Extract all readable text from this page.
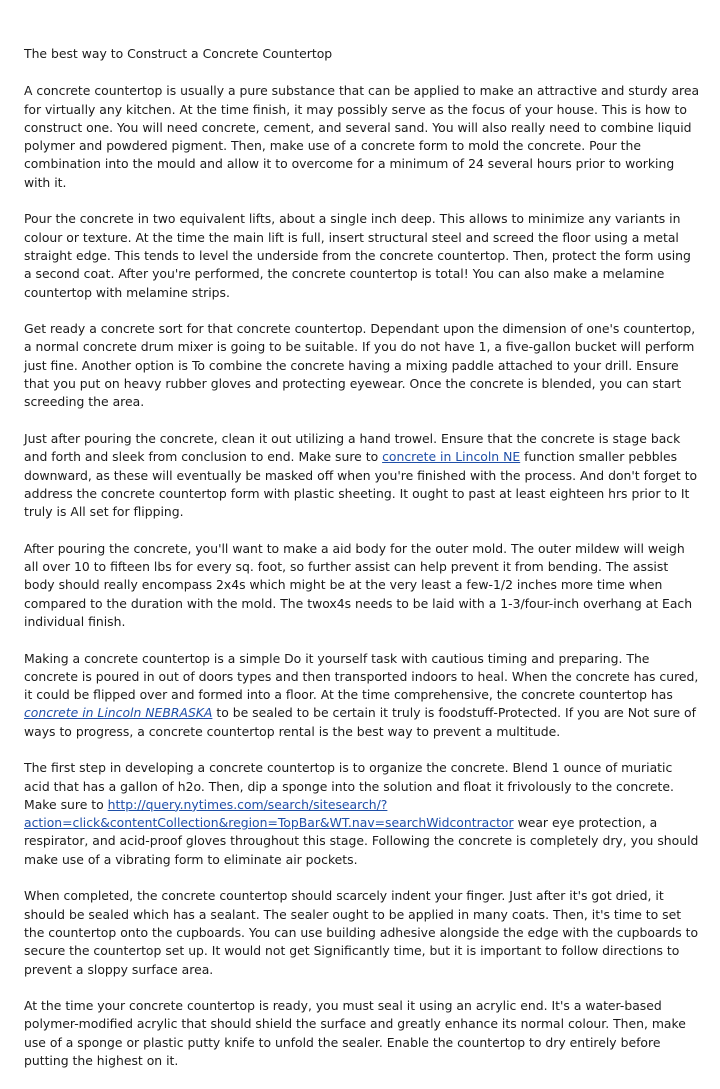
The best way to Construct a Concrete Countertop

A concrete countertop is usually a pure substance that can be applied to make an attractive and sturdy area for virtually any kitchen. At the time finish, it may possibly serve as the focus of your house. This is how to construct one. You will need concrete, cement, and several sand. You will also really need to combine liquid polymer and powdered pigment. Then, make use of a concrete form to mold the concrete. Pour the combination into the mould and allow it to overcome for a minimum of 24 several hours prior to working with it.

Pour the concrete in two equivalent lifts, about a single inch deep. This allows to minimize any variants in colour or texture. At the time the main lift is full, insert structural steel and screed the floor using a metal straight edge. This tends to level the underside from the concrete countertop. Then, protect the form using a second coat. After you're performed, the concrete countertop is total! You can also make a melamine countertop with melamine strips.

Get ready a concrete sort for that concrete countertop. Dependant upon the dimension of one's countertop, a normal concrete drum mixer is going to be suitable. If you do not have 1, a five-gallon bucket will perform just fine. Another option is To combine the concrete having a mixing paddle attached to your drill. Ensure that you put on heavy rubber gloves and protecting eyewear. Once the concrete is blended, you can start screeding the area.

Just after pouring the concrete, clean it out utilizing a hand trowel. Ensure that the concrete is stage back and forth and sleek from conclusion to end. Make sure to concrete in Lincoln NE function smaller pebbles downward, as these will eventually be masked off when you're finished with the process. And don't forget to address the concrete countertop form with plastic sheeting. It ought to past at least eighteen hrs prior to It truly is All set for flipping.

After pouring the concrete, you'll want to make a aid body for the outer mold. The outer mildew will weigh all over 10 to fifteen lbs for every sq. foot, so further assist can help prevent it from bending. The assist body should really encompass 2x4s which might be at the very least a few-1/2 inches more time when compared to the duration with the mold. The twox4s needs to be laid with a 1-3/four-inch overhang at Each individual finish.

Making a concrete countertop is a simple Do it yourself task with cautious timing and preparing. The concrete is poured in out of doors types and then transported indoors to heal. When the concrete has cured, it could be flipped over and formed into a floor. At the time comprehensive, the concrete countertop has concrete in Lincoln NEBRASKA to be sealed to be certain it truly is foodstuff-Protected. If you are Not sure of ways to progress, a concrete countertop rental is the best way to prevent a multitude.

The first step in developing a concrete countertop is to organize the concrete. Blend 1 ounce of muriatic acid that has a gallon of h2o. Then, dip a sponge into the solution and float it frivolously to the concrete. Make sure to http://query.nytimes.com/search/sitesearch/?action=click&contentCollection&region=TopBar&WT.nav=searchWidcontractor wear eye protection, a respirator, and acid-proof gloves throughout this stage. Following the concrete is completely dry, you should make use of a vibrating form to eliminate air pockets.

When completed, the concrete countertop should scarcely indent your finger. Just after it's got dried, it should be sealed which has a sealant. The sealer ought to be applied in many coats. Then, it's time to set the countertop onto the cupboards. You can use building adhesive alongside the edge with the cupboards to secure the countertop set up. It would not get Significantly time, but it is important to follow directions to prevent a sloppy surface area.

At the time your concrete countertop is ready, you must seal it using an acrylic end. It's a water-based polymer-modified acrylic that should shield the surface and greatly enhance its normal colour. Then, make use of a sponge or plastic putty knife to unfold the sealer. Enable the countertop to dry entirely before putting the highest on it.
